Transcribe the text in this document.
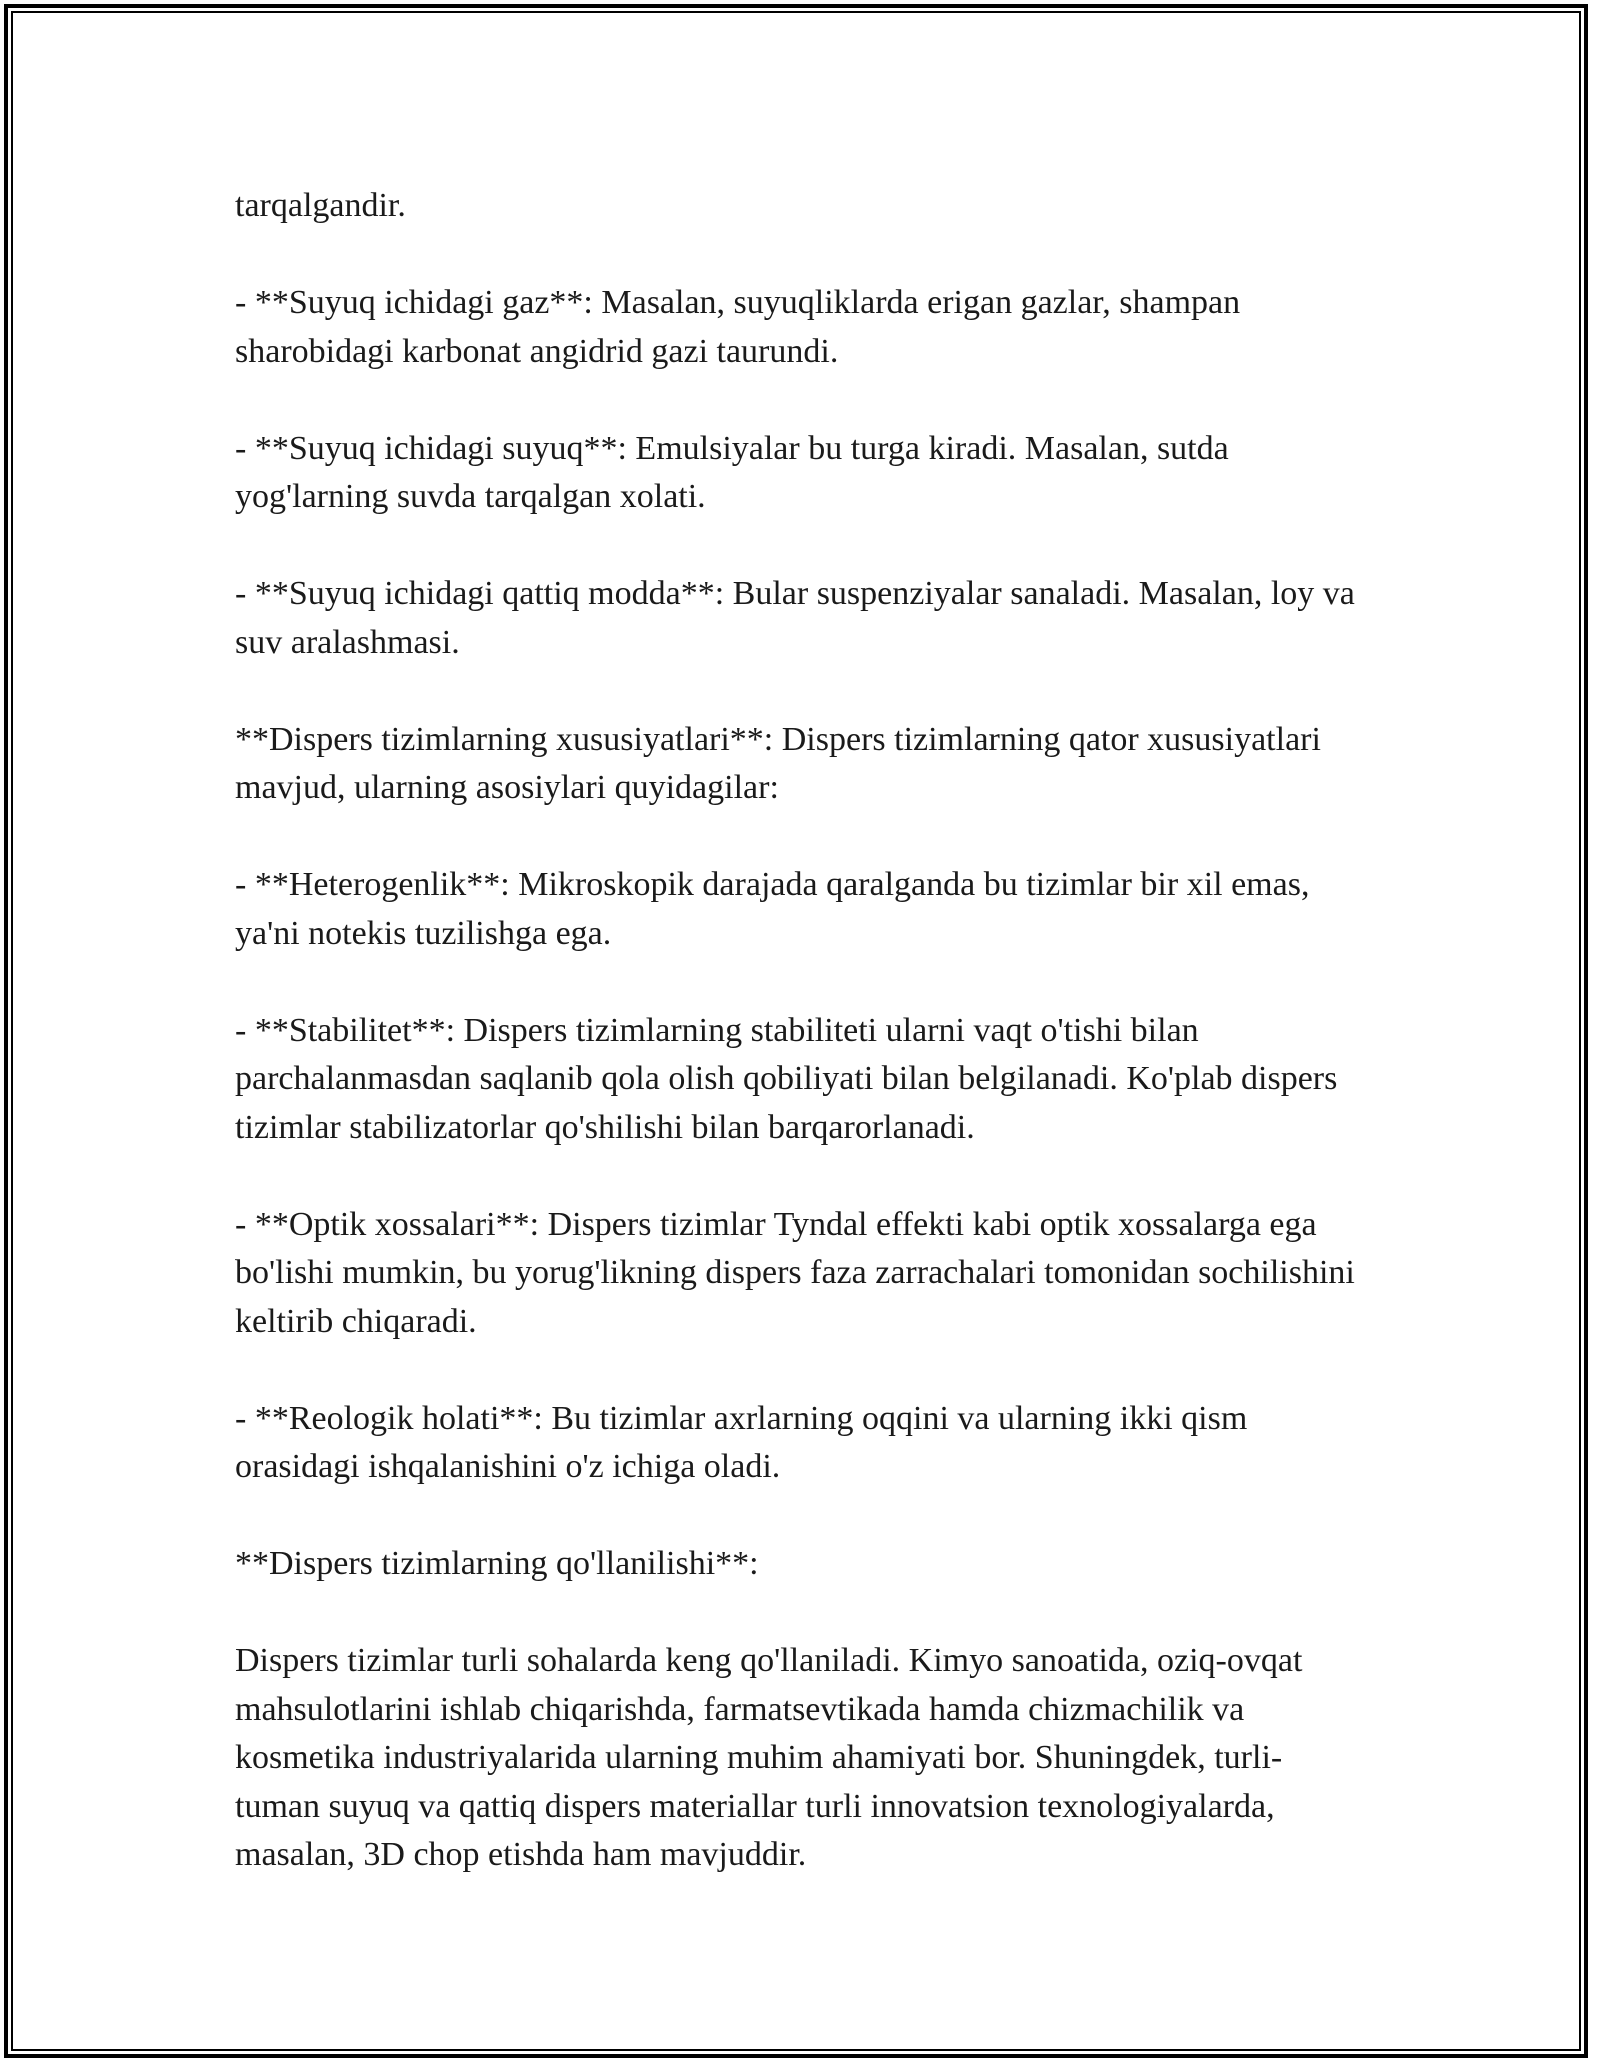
tarqalgandir.

- **Suyuq ichidagi gaz**: Masalan, suyuqliklarda erigan gazlar, shampan sharobidagi karbonat angidrid gazi taurundi.

- **Suyuq ichidagi suyuq**: Emulsiyalar bu turga kiradi. Masalan, sutda yog'larning suvda tarqalgan xolati.

- **Suyuq ichidagi qattiq modda**: Bular suspenziyalar sanaladi. Masalan, loy va suv aralashmasi.

**Dispers tizimlarning xususiyatlari**: Dispers tizimlarning qator xususiyatlari mavjud, ularning asosiylari quyidagilar:

- **Heterogenlik**: Mikroskopik darajada qaralganda bu tizimlar bir xil emas, ya'ni notekis tuzilishga ega.

- **Stabilitet**: Dispers tizimlarning stabiliteti ularni vaqt o'tishi bilan parchalanmasdan saqlanib qola olish qobiliyati bilan belgilanadi. Ko'plab dispers tizimlar stabilizatorlar qo'shilishi bilan barqarorlanadi.

- **Optik xossalari**: Dispers tizimlar Tyndal effekti kabi optik xossalarga ega bo'lishi mumkin, bu yorug'likning dispers faza zarrachalari tomonidan sochilishini keltirib chiqaradi.

- **Reologik holati**: Bu tizimlar axrlarning oqqini va ularning ikki qism orasidagi ishqalanishini o'z ichiga oladi.

**Dispers tizimlarning qo'llanilishi**:

Dispers tizimlar turli sohalarda keng qo'llaniladi. Kimyo sanoatida, oziq-ovqat mahsulotlarini ishlab chiqarishda, farmatsevtikada hamda chizmachilik va kosmetika industriyalarida ularning muhim ahamiyati bor. Shuningdek, turli-tuman suyuq va qattiq dispers materiallar turli innovatsion texnologiyalarda, masalan, 3D chop etishda ham mavjuddir.
